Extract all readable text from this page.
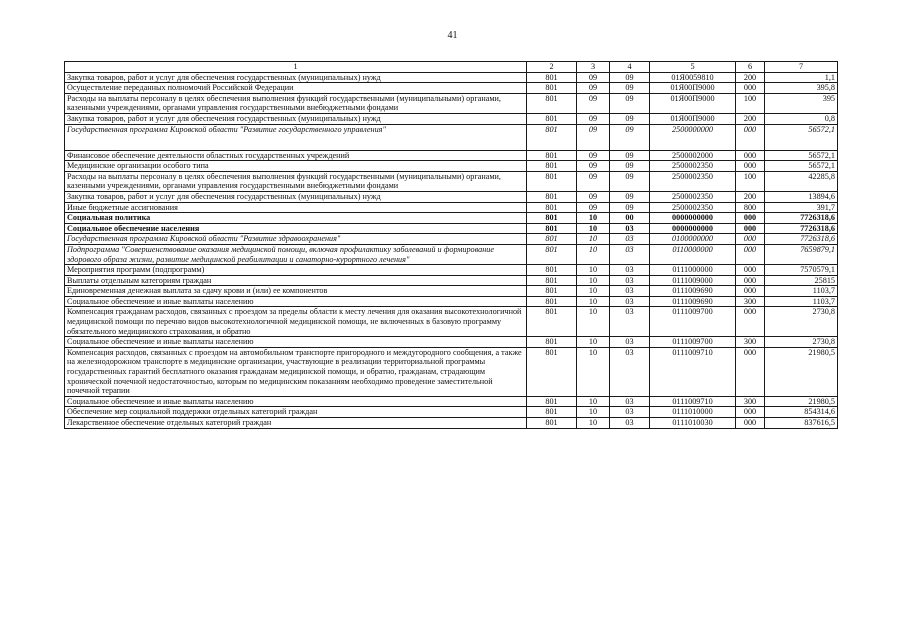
41
1	2	3	4	5	6	7
Закупка товаров, работ и услуг для обеспечения государственных (муниципальных) нужд	801	09	09	01Я0059810	200	1,1
Осуществление переданных полномочий Российской Федерации	801	09	09	01Я00П9000	000	395,8
Расходы на выплаты персоналу в целях обеспечения выполнения функций государственными (муниципальными) органами, казенными учреждениями, органами управления государственными внебюджетными фондами	801	09	09	01Я00П9000	100	395
Закупка товаров, работ и услуг для обеспечения государственных (муниципальных) нужд	801	09	09	01Я00П9000	200	0,8
Государственная программа Кировской области "Развитие государственного управления"	801	09	09	2500000000	000	56572,1
Финансовое обеспечение деятельности областных государственных учреждений	801	09	09	2500002000	000	56572,1
Медицинские организации особого типа	801	09	09	2500002350	000	56572,1
Расходы на выплаты персоналу в целях обеспечения выполнения функций государственными (муниципальными) органами, казенными учреждениями, органами управления государственными внебюджетными фондами	801	09	09	2500002350	100	42285,8
Закупка товаров, работ и услуг для обеспечения государственных (муниципальных) нужд	801	09	09	2500002350	200	13894,6
Иные бюджетные ассигнования	801	09	09	2500002350	800	391,7
Социальная политика	801	10	00	0000000000	000	7726318,6
Социальное обеспечение населения	801	10	03	0000000000	000	7726318,6
Государственная программа Кировской области "Развитие здравоохранения"	801	10	03	0100000000	000	7726318,6
Подпрограмма "Совершенствование оказания медицинской помощи, включая профилактику заболеваний и формирование здорового образа жизни, развитие медицинской реабилитации и санаторно-курортного лечения"	801	10	03	0110000000	000	7659879,1
Мероприятия программ (подпрограмм)	801	10	03	0111000000	000	7570579,1
Выплаты отдельным категориям граждан	801	10	03	0111009000	000	25815
Единовременная денежная выплата за сдачу крови и (или) ее компонентов	801	10	03	0111009690	000	1103,7
Социальное обеспечение и иные выплаты населению	801	10	03	0111009690	300	1103,7
Компенсация гражданам расходов, связанных с проездом за пределы области к месту лечения для оказания высокотехнологичной медицинской помощи по перечню видов высокотехнологичной медицинской помощи, не включенных в базовую программу обязательного медицинского страхования, и обратно	801	10	03	0111009700	000	2730,8
Социальное обеспечение и иные выплаты населению	801	10	03	0111009700	300	2730,8
Компенсация расходов, связанных с проездом на автомобильном транспорте пригородного и междугородного сообщения, а также на железнодорожном транспорте в медицинские организации, участвующие в реализации территориальной программы государственных гарантий бесплатного оказания гражданам медицинской помощи, и обратно, гражданам, страдающим хронической почечной недостаточностью, которым по медицинским показаниям необходимо проведение заместительной почечной терапии	801	10	03	0111009710	000	21980,5
Социальное обеспечение и иные выплаты населению	801	10	03	0111009710	300	21980,5
Обеспечение мер социальной поддержки отдельных категорий граждан	801	10	03	0111010000	000	854314,6
Лекарственное обеспечение отдельных категорий граждан	801	10	03	0111010030	000	837616,5
